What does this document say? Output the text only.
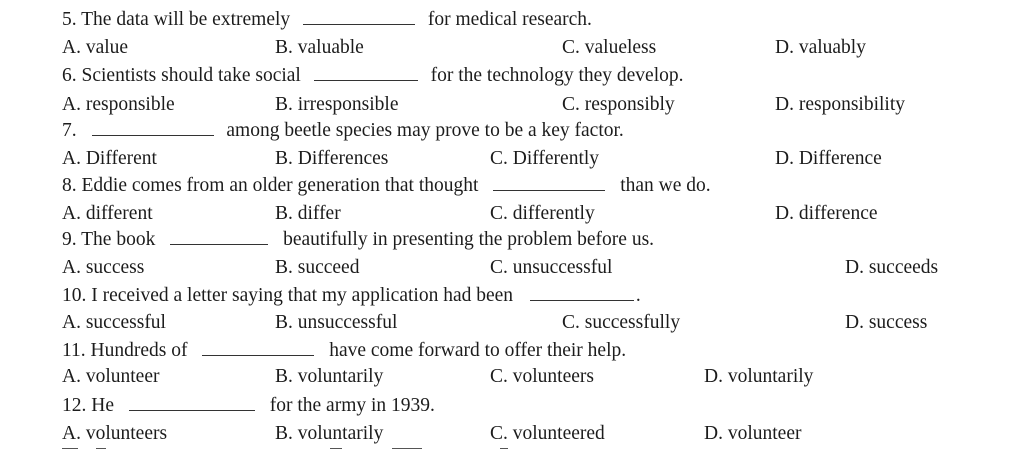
5. The data will be extremely	for medical research.
A. value	B. valuable	C. valueless	D. valuably
6. Scientists should take social	for the technology they develop.
A. responsible	B. irresponsible	C. responsibly	D. responsibility
7.	among beetle species may prove to be a key factor.
A. Different	B. Differences	C. Differently	D. Difference
8. Eddie comes from an older generation that thought	than we do.
A. different	B. differ	C. differently	D. difference
9. The book	beautifully in presenting the problem before us.
A. success	B. succeed	C. unsuccessful	D. succeeds
10. I received a letter saying that my application had been	.
A. successful	B. unsuccessful	C. successfully	D. success
11. Hundreds of	have come forward to offer their help.
A. volunteer	B. voluntarily	C. volunteers	D. voluntarily
12. He	for the army in 1939.
A. volunteers	B. voluntarily	C. volunteered	D. volunteer
